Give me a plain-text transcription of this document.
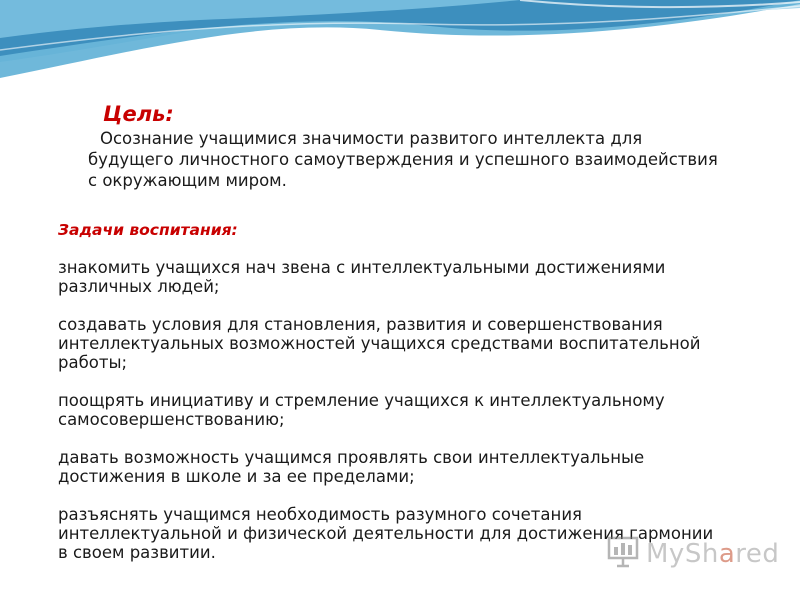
Цель:

Осознание учащимися значимости развитого интеллекта для будущего личностного самоутверждения и успешного взаимодействия с окружающим миром.

Задачи воспитания:

знакомить учащихся нач звена с интеллектуальными достижениями различных людей;

создавать условия для становления, развития и совершенствования интеллектуальных возможностей учащихся средствами воспитательной работы;

поощрять инициативу и стремление учащихся к интеллектуальному самосовершенствованию;

давать возможность учащимся проявлять свои интеллектуальные достижения в школе и за ее пределами;

разъяснять учащимся необходимость разумного сочетания интеллектуальной и физической деятельности для достижения гармонии в своем развитии.	MyShared
